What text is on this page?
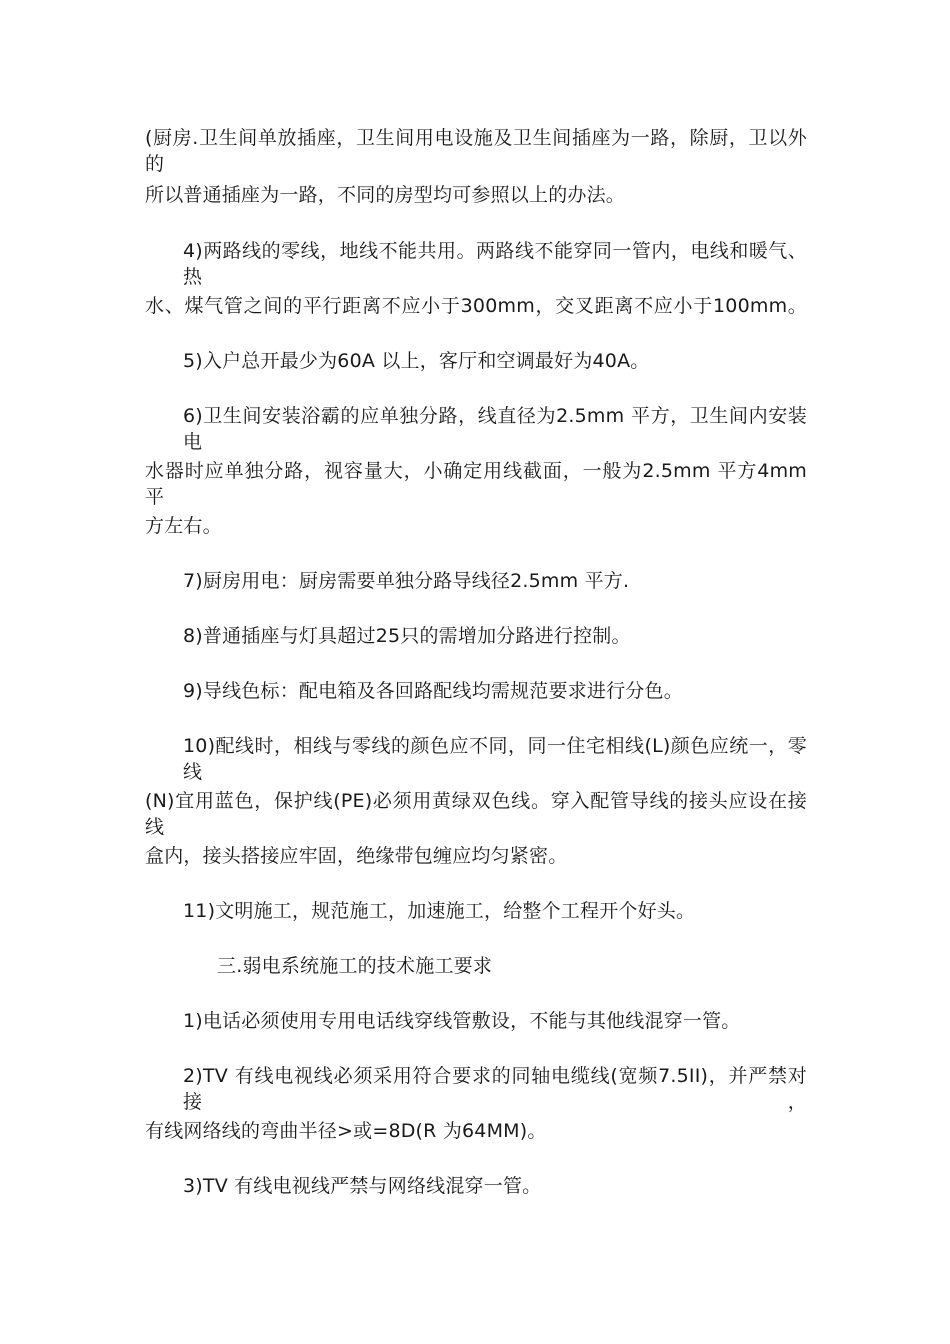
(厨房.卫生间单放插座，卫生间用电设施及卫生间插座为一路，除厨，卫以外的
所以普通插座为一路，不同的房型均可参照以上的办法。
4)两路线的零线，地线不能共用。两路线不能穿同一管内，电线和暖气、热
水、煤气管之间的平行距离不应小于300mm，交叉距离不应小于100mm。
5)入户总开最少为60A 以上，客厅和空调最好为40A。
6)卫生间安装浴霸的应单独分路，线直径为2.5mm 平方，卫生间内安装电
水器时应单独分路，视容量大，小确定用线截面，一般为2.5mm 平方4mm 平
方左右。
7)厨房用电：厨房需要单独分路导线径2.5mm 平方.
8)普通插座与灯具超过25只的需增加分路进行控制。
9)导线色标：配电箱及各回路配线均需规范要求进行分色。
10)配线时，相线与零线的颜色应不同，同一住宅相线(L)颜色应统一，零线
(N)宜用蓝色，保护线(PE)必须用黄绿双色线。穿入配管导线的接头应设在接线
盒内，接头搭接应牢固，绝缘带包缠应均匀紧密。
11)文明施工，规范施工，加速施工，给整个工程开个好头。
三.弱电系统施工的技术施工要求
1)电话必须使用专用电话线穿线管敷设，不能与其他线混穿一管。
2)TV 有线电视线必须采用符合要求的同轴电缆线(宽频7.5II)，并严禁对接，
有线网络线的弯曲半径>或=8D(R 为64MM)。
3)TV 有线电视线严禁与网络线混穿一管。
